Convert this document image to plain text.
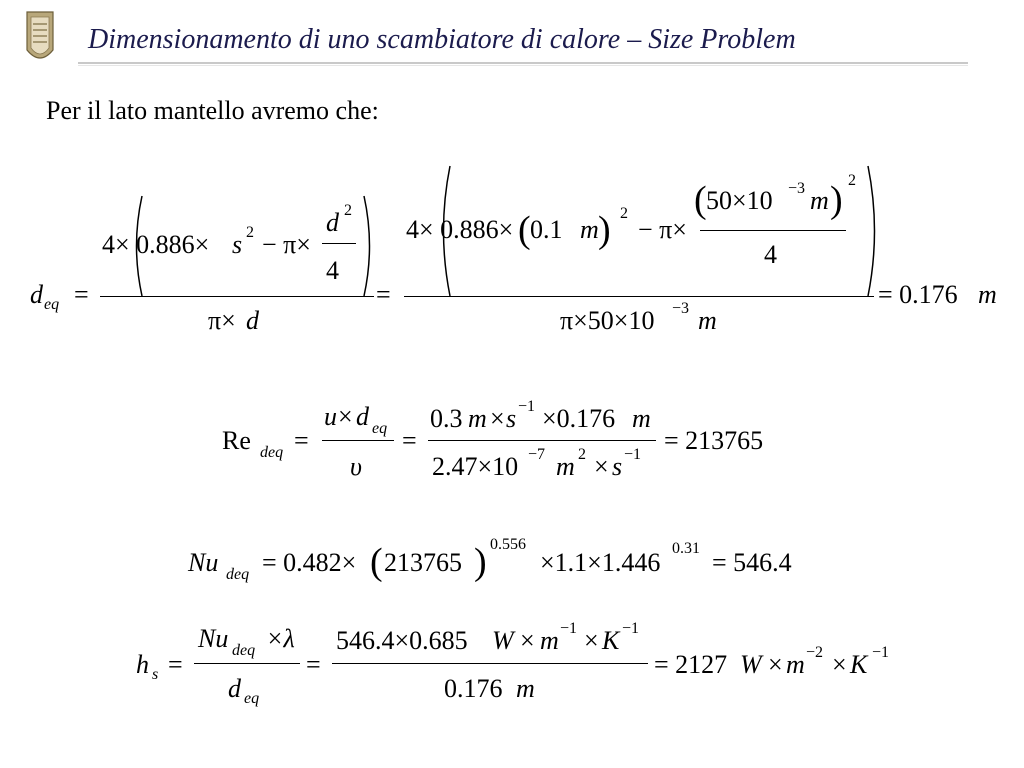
Dimensionamento di uno scambiatore di calore – Size Problem
Per il lato mantello avremo che:
d eq =
4× 0.886× s 2 − π×
d 2
4
π× d
=
4× 0.886× ( 0.1 m ) 2
− π×
( 50×10 −3 m ) 2
4
π×50×10 −3 m
= 0.176 m
Re deq =
u × d eq
υ
=
0.3 m × s −1 ×0.176 m
2.47×10 −7 m 2 × s −1 = 213765
Nu deq = 0.482× ( 213765 ) 0.556
×1.1×1.446 0.31 = 546.4
h s =
Nu deq ×λ
d eq
=
546.4×0.685 W × m −1 × K −1
0.176 m
= 2127 W × m −2 × K −1
